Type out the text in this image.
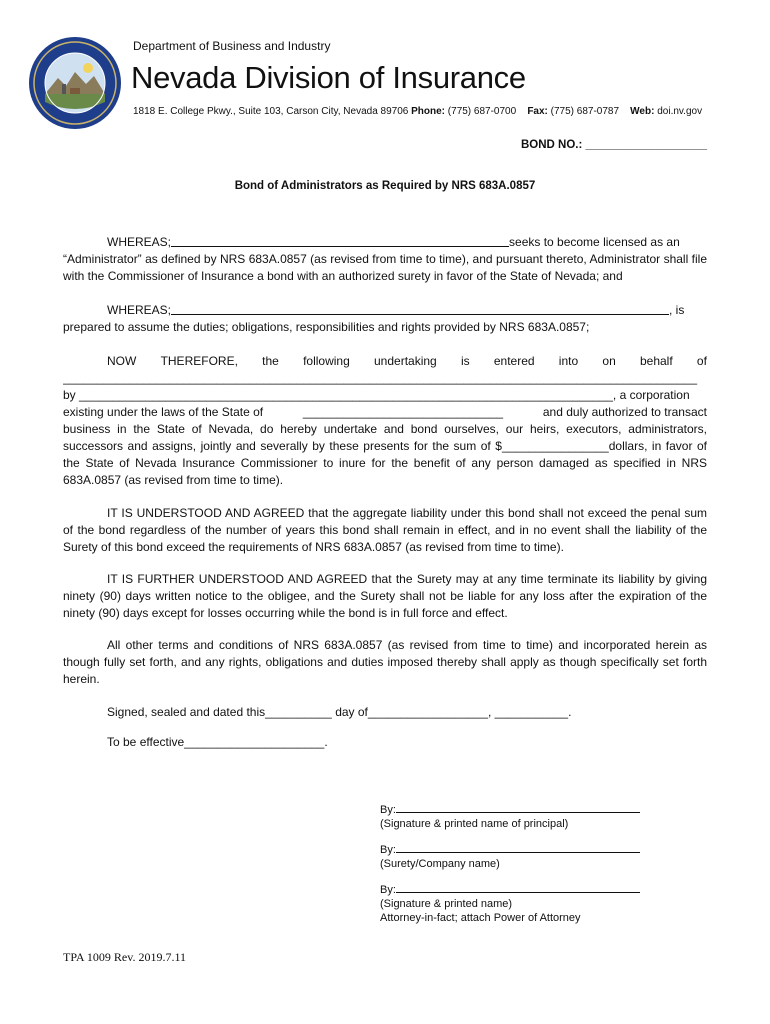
Department of Business and Industry
Nevada Division of Insurance
1818 E. College Pkwy., Suite 103, Carson City, Nevada 89706 Phone: (775) 687-0700 Fax: (775) 687-0787 Web: doi.nv.gov
BOND NO.: ___________________
Bond of Administrators as Required by NRS 683A.0857
WHEREAS;	seeks to become licensed as an
“Administrator” as defined by NRS 683A.0857 (as revised from time to time), and pursuant thereto, Administrator shall file with the Commissioner of Insurance a bond with an authorized surety in favor of the State of Nevada; and
WHEREAS;	, is
prepared to assume the duties; obligations, responsibilities and rights provided by NRS 683A.0857;
NOW THEREFORE, the following undertaking is entered into on behalf of
_______________________________________________________________________________________________
by ________________________________________________________________________________, a corporation
existing under the laws of the State of	______________________________	and duly authorized to transact
business in the State of Nevada, do hereby undertake and bond ourselves, our heirs, executors, administrators, successors and assigns, jointly and severally by these presents for the sum of $________________dollars, in favor of the State of Nevada Insurance Commissioner to inure for the benefit of any person damaged as specified in NRS 683A.0857 (as revised from time to time).
IT IS UNDERSTOOD AND AGREED that the aggregate liability under this bond shall not exceed the penal sum of the bond regardless of the number of years this bond shall remain in effect, and in no event shall the liability of the Surety of this bond exceed the requirements of NRS 683A.0857 (as revised from time to time).
IT IS FURTHER UNDERSTOOD AND AGREED that the Surety may at any time terminate its liability by giving ninety (90) days written notice to the obligee, and the Surety shall not be liable for any loss after the expiration of the ninety (90) days except for losses occurring while the bond is in full force and effect.
All other terms and conditions of NRS 683A.0857 (as revised from time to time) and incorporated herein as though fully set forth, and any rights, obligations and duties imposed thereby shall apply as though specifically set forth herein.
Signed, sealed and dated this__________ day of__________________, ___________.
To be effective_____________________.
By:
(Signature & printed name of principal)
By:
(Surety/Company name)
By:
(Signature & printed name)
Attorney-in-fact; attach Power of Attorney
TPA 1009 Rev. 2019.7.11
